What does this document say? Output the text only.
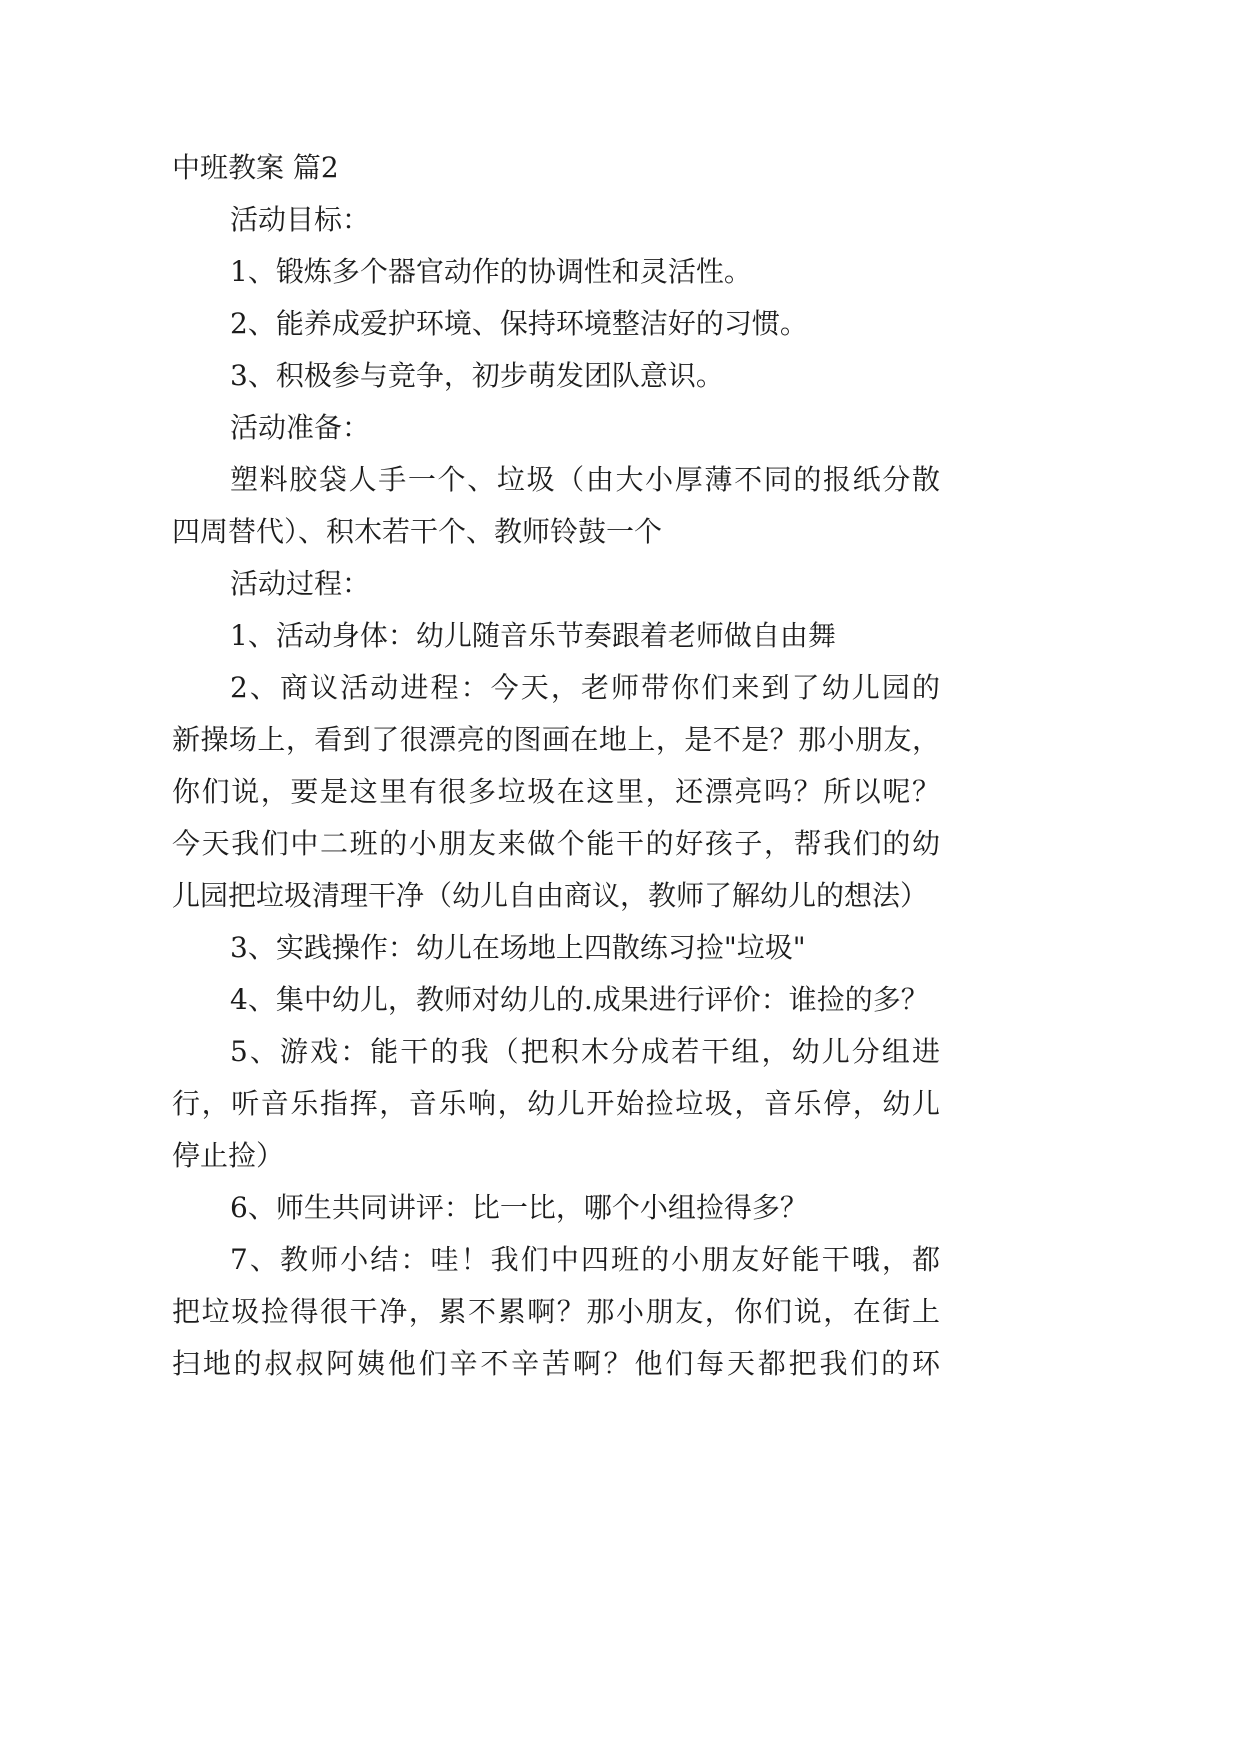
中班教案 篇2
活动目标：
1、锻炼多个器官动作的协调性和灵活性。
2、能养成爱护环境、保持环境整洁好的习惯。
3、积极参与竞争，初步萌发团队意识。
活动准备：
塑料胶袋人手一个、垃圾（由大小厚薄不同的报纸分散
四周替代）、积木若干个、教师铃鼓一个
活动过程：
1、活动身体：幼儿随音乐节奏跟着老师做自由舞
2、商议活动进程：今天，老师带你们来到了幼儿园的
新操场上，看到了很漂亮的图画在地上，是不是？那小朋友，
你们说，要是这里有很多垃圾在这里，还漂亮吗？所以呢？
今天我们中二班的小朋友来做个能干的好孩子，帮我们的幼
儿园把垃圾清理干净（幼儿自由商议，教师了解幼儿的想法）
3、实践操作：幼儿在场地上四散练习捡"垃圾"
4、集中幼儿，教师对幼儿的.成果进行评价：谁捡的多？
5、游戏：能干的我（把积木分成若干组，幼儿分组进
行，听音乐指挥，音乐响，幼儿开始捡垃圾，音乐停，幼儿
停止捡）
6、师生共同讲评：比一比，哪个小组捡得多？
7、教师小结：哇！我们中四班的小朋友好能干哦，都
把垃圾捡得很干净，累不累啊？那小朋友，你们说，在街上
扫地的叔叔阿姨他们辛不辛苦啊？他们每天都把我们的环
